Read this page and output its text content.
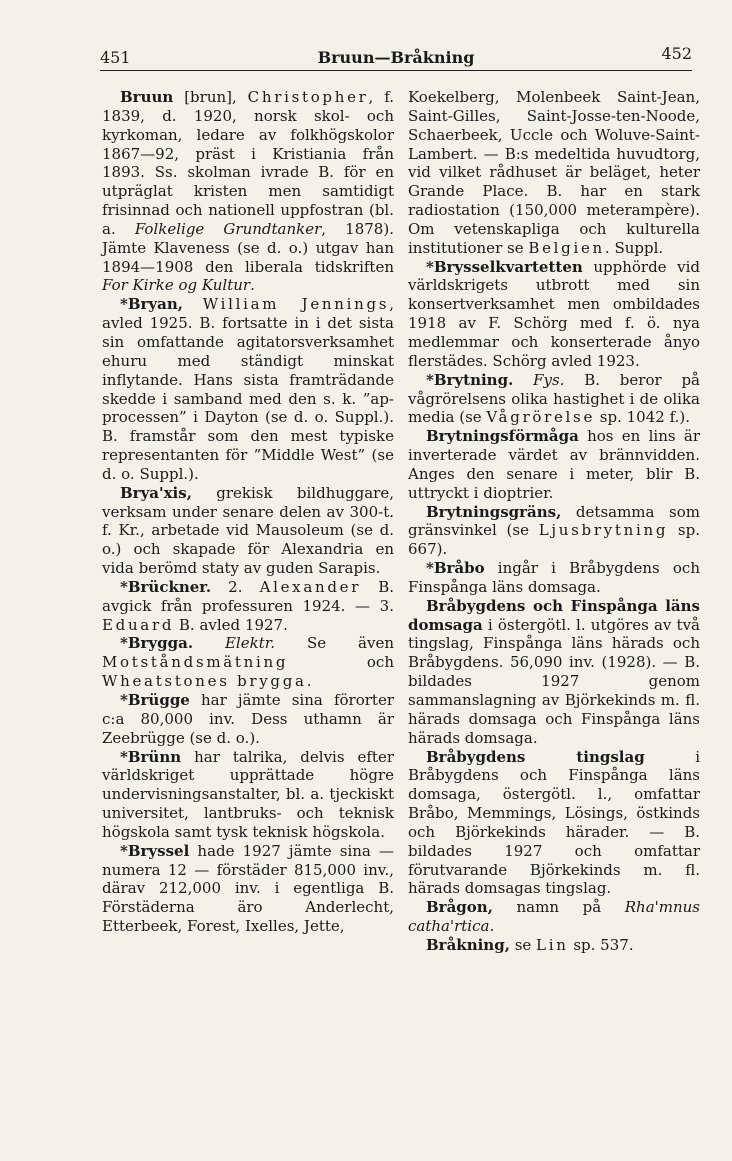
451	Bruun—Bråkning	452

Bruun [brun], Christopher, f. 1839, d. 1920, norsk skol- och kyrkoman, ledare av folkhögskolor 1867—92, präst i Kristiania från 1893. Ss. skolman ivrade B. för en utpräglat kristen men samtidigt frisinnad och nationell uppfostran (bl. a. Folkelige Grundtanker, 1878). Jämte Klaveness (se d. o.) utgav han 1894—1908 den liberala tidskriften For Kirke og Kultur.

*Bryan, William Jennings, avled 1925. B. fortsatte in i det sista sin omfattande agitatorsverksamhet ehuru med ständigt minskat inflytande. Hans sista framträdande skedde i samband med den s. k. ”ap-processen” i Dayton (se d. o. Suppl.). B. framstår som den mest typiske representanten för ”Middle West” (se d. o. Suppl.).

Brya'xis, grekisk bildhuggare, verksam under senare delen av 300-t. f. Kr., arbetade vid Mausoleum (se d. o.) och skapade för Alexandria en vida berömd staty av guden Sarapis.

*Brückner. 2. Alexander B. avgick från professuren 1924. — 3. Eduard B. avled 1927.

*Brygga. Elektr. Se även Motståndsmätning och Wheatstones brygga.

*Brügge har jämte sina förorter c:a 80,000 inv. Dess uthamn är Zeebrügge (se d. o.).

*Brünn har talrika, delvis efter världskriget upprättade högre undervisningsanstalter, bl. a. tjeckiskt universitet, lantbruks- och teknisk högskola samt tysk teknisk högskola.

*Bryssel hade 1927 jämte sina — numera 12 — förstäder 815,000 inv., därav 212,000 inv. i egentliga B. Förstäderna äro Anderlecht, Etterbeek, Forest, Ixelles, Jette,

Koekelberg, Molenbeek Saint-Jean, Saint-Gilles, Saint-Josse-ten-Noode, Schaerbeek, Uccle och Woluve-Saint-Lambert. — B:s medeltida huvudtorg, vid vilket rådhuset är beläget, heter Grande Place. B. har en stark radiostation (150,000 meterampère). Om vetenskapliga och kulturella institutioner se Belgien. Suppl.

*Brysselkvartetten upphörde vid världskrigets utbrott med sin konsertverksamhet men ombildades 1918 av F. Schörg med f. ö. nya medlemmar och konserterade ånyo flerstädes. Schörg avled 1923.

*Brytning. Fys. B. beror på vågrörelsens olika hastighet i de olika media (se Vågrörelse sp. 1042 f.).

Brytningsförmåga hos en lins är inverterade värdet av brännvidden. Anges den senare i meter, blir B. uttryckt i dioptrier.

Brytningsgräns, detsamma som gränsvinkel (se Ljusbrytning sp. 667).

*Bråbo ingår i Bråbygdens och Finspånga läns domsaga.

Bråbygdens och Finspånga läns domsaga i östergötl. l. utgöres av två tingslag, Finspånga läns härads och Bråbygdens. 56,090 inv. (1928). — B. bildades 1927 genom sammanslagning av Björkekinds m. fl. härads domsaga och Finspånga läns härads domsaga.

Bråbygdens tingslag i Bråbygdens och Finspånga läns domsaga, östergötl. l., omfattar Bråbo, Memmings, Lösings, östkinds och Björkekinds härader. — B. bildades 1927 och omfattar förutvarande Björkekinds m. fl. härads domsagas tingslag.

Brågon, namn på Rha'mnus catha'rtica.

Bråkning, se Lin sp. 537.
